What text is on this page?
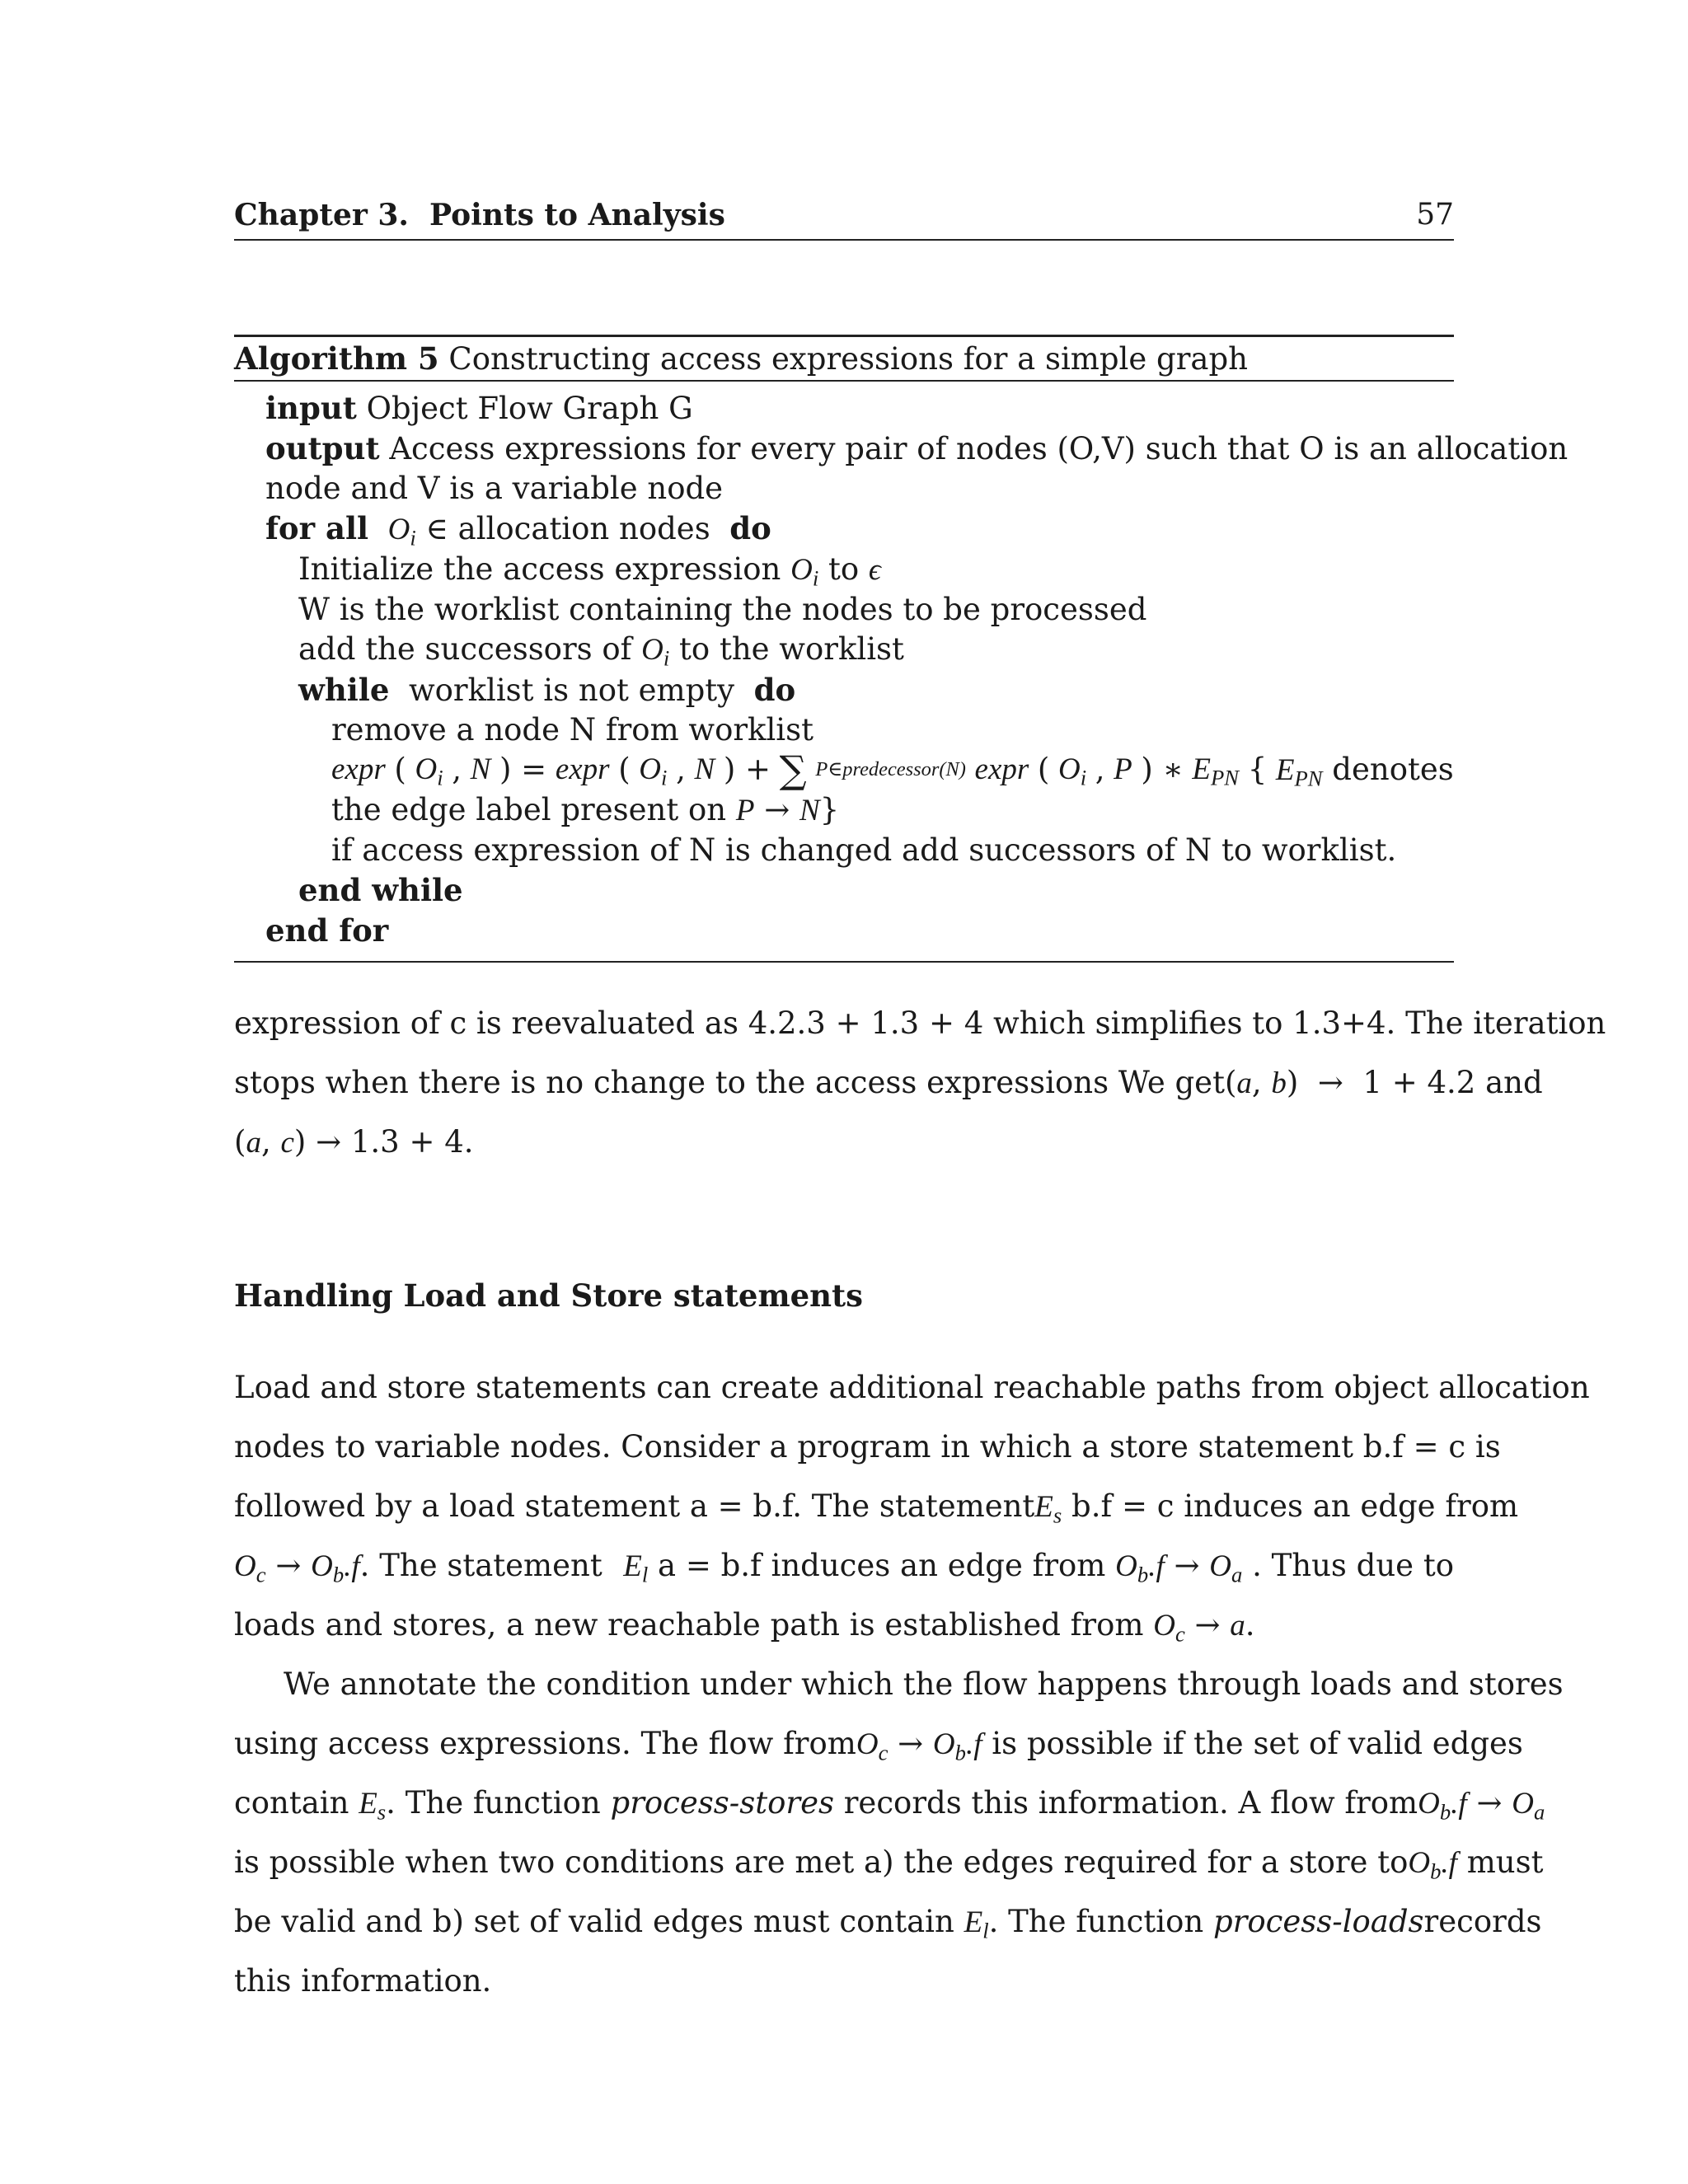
Chapter 3. Points to Analysis	57
Algorithm 5 Constructing access expressions for a simple graph
input Object Flow Graph G
output Access expressions for every pair of nodes (O,V) such that O is an allocation
node and V is a variable node
for all $O_i$ ∈ allocation nodes do
Initialize the access expression $O_i$ to ϵ
W is the worklist containing the nodes to be processed
add the successors of $O_i$ to the worklist
while worklist is not empty do
remove a node N from worklist
expr ( $O_i$ , N ) = expr ( $O_i$ , N ) + ∑ P∈predecessor(N) expr ( $O_i$ , P ) ∗ $E_{PN}$ { $E_{PN}$ denotes
the edge label present on P → N}
if access expression of N is changed add successors of N to worklist.
end while
end for
expression of c is reevaluated as 4.2.3 + 1.3 + 4 which simplifies to 1.3+4. The iteration
stops when there is no change to the access expressions We get (a, b)  →  1 + 4.2 and
(a, c) → 1.3 + 4.
Handling Load and Store statements
Load and store statements can create additional reachable paths from object allocation
nodes to variable nodes. Consider a program in which a store statement b.f = c is
followed by a load statement a = b.f. The statement $E_s$ b.f = c induces an edge from
$O_c \to O_b.f$. The statement $E_l$ a = b.f induces an edge from $O_b.f \to O_a$ . Thus due to
loads and stores, a new reachable path is established from $O_c \to a$.
We annotate the condition under which the flow happens through loads and stores
using access expressions. The flow from $O_c \to O_b.f$ is possible if the set of valid edges
contain $E_s$. The function process-stores records this information. A flow from $O_b.f \to O_a$
is possible when two conditions are met a) the edges required for a store to $O_b.f$ must
be valid and b) set of valid edges must contain $E_l$. The function process-loads records
this information.
